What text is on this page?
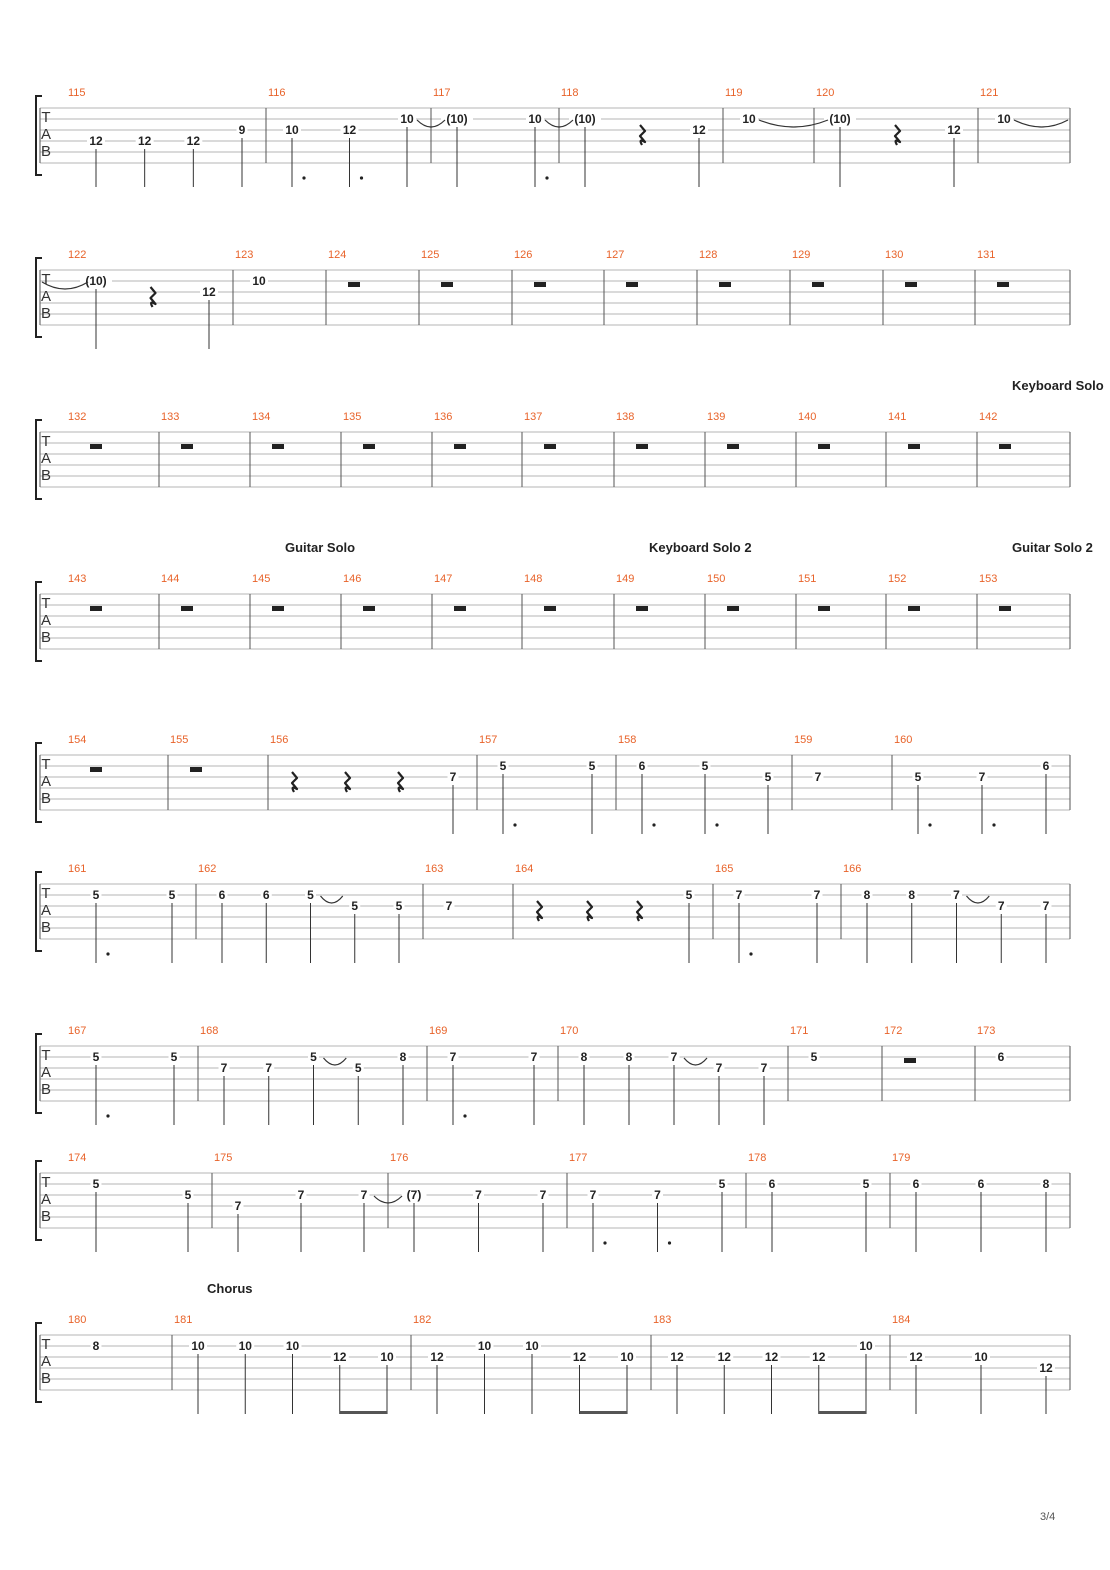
T
A
B
115
12	12	12
9
116
10	12
10
117
(10)	10
118
(10)
12
119
10
120
(10)
12
121
10
T
A
B
122
(10)
12
123
10
124	125	126	127	128	129	130	131
T
A
B
132	133	134	135	136	137	138	139	140	141	142
Keyboard Solo
T
A
B
143	144	145
Guitar Solo
146	147	148	149
Keyboard Solo 2
150	151	152	153
Guitar Solo 2
T
A
B
154	155	156
7
157
5	5
158
6	5
5
159
7
160
5	7
6
T
A
B
161
5	5
162
6	6	5
5	5
163
7
164
5
165
7	7
166
8	8	7
7	7
T
A
B
167
5	5
168
7	7
5
5
8
169
7	7
170
8	8	7
7	7
171
5
172	173
6
T
A
B
174
5
5
175
7
7	7
176
(7)	7	7
177
7	7
5
178
6	5
179
6	6	8
T
A
B
180
8
181
Chorus
10	10	10
12	10
182
12
10	10
12	10
183
12	12	12	12
10
184
12	10
12
3/4
